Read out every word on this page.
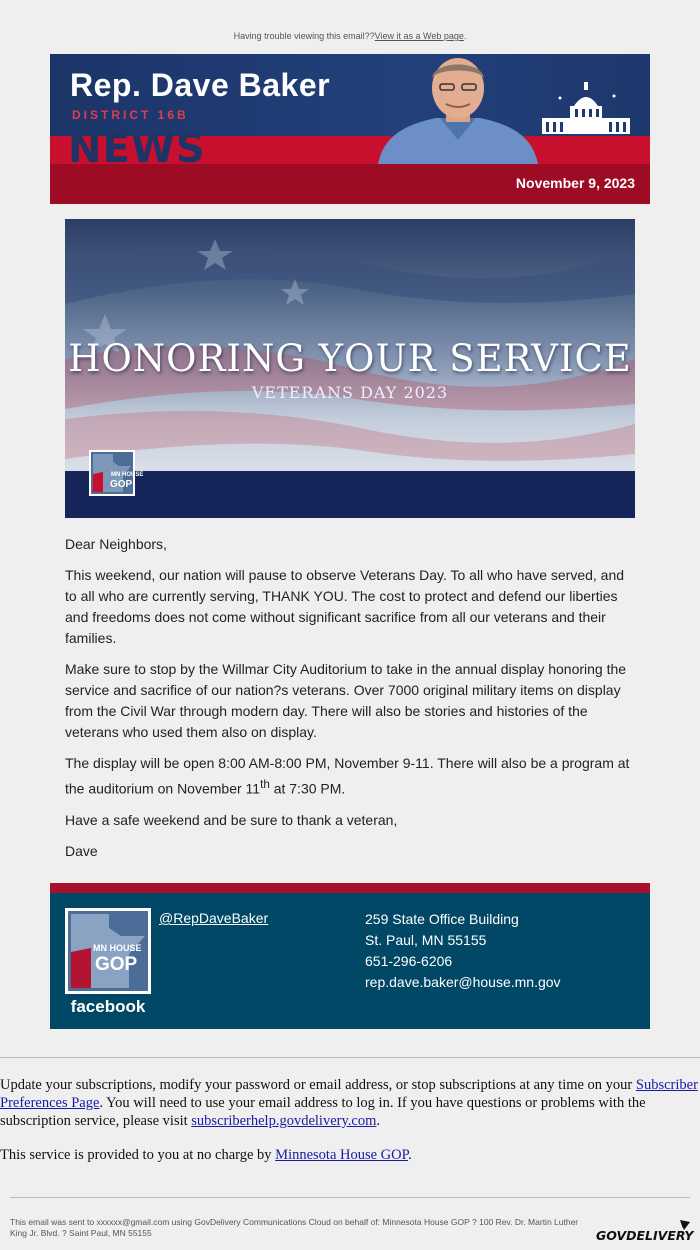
Having trouble viewing this email??View it as a Web page.
Rep. Dave Baker
DISTRICT 16B
NEWS
November 9, 2023
HONORING YOUR SERVICE
VETERANS DAY 2023
MN HOUSE
GOP

Dear Neighbors,

This weekend, our nation will pause to observe Veterans Day. To all who have served, and to all who are currently serving, THANK YOU. The cost to protect and defend our liberties and freedoms does not come without significant sacrifice from all our veterans and their families.

Make sure to stop by the Willmar City Auditorium to take in the annual display honoring the service and sacrifice of our nation?s veterans. Over 7000 original military items on display from the Civil War through modern day. There will also be stories and histories of the veterans who used them also on display.

The display will be open 8:00 AM-8:00 PM, November 9-11. There will also be a program at the auditorium on November 11th at 7:30 PM.

Have a safe weekend and be sure to thank a veteran,

Dave

MN HOUSE
GOP
facebook
@RepDaveBaker	259 State Office Building
St. Paul, MN 55155
651-296-6206
rep.dave.baker@house.mn.gov

Update your subscriptions, modify your password or email address, or stop subscriptions at any time on your Subscriber Preferences Page. You will need to use your email address to log in. If you have questions or problems with the subscription service, please visit subscriberhelp.govdelivery.com.

This service is provided to you at no charge by Minnesota House GOP.

This email was sent to xxxxxx@gmail.com using GovDelivery Communications Cloud on behalf of: Minnesota House GOP ? 100 Rev. Dr. Martin Luther King Jr. Blvd. ? Saint Paul, MN 55155	GOVDELIVERY
